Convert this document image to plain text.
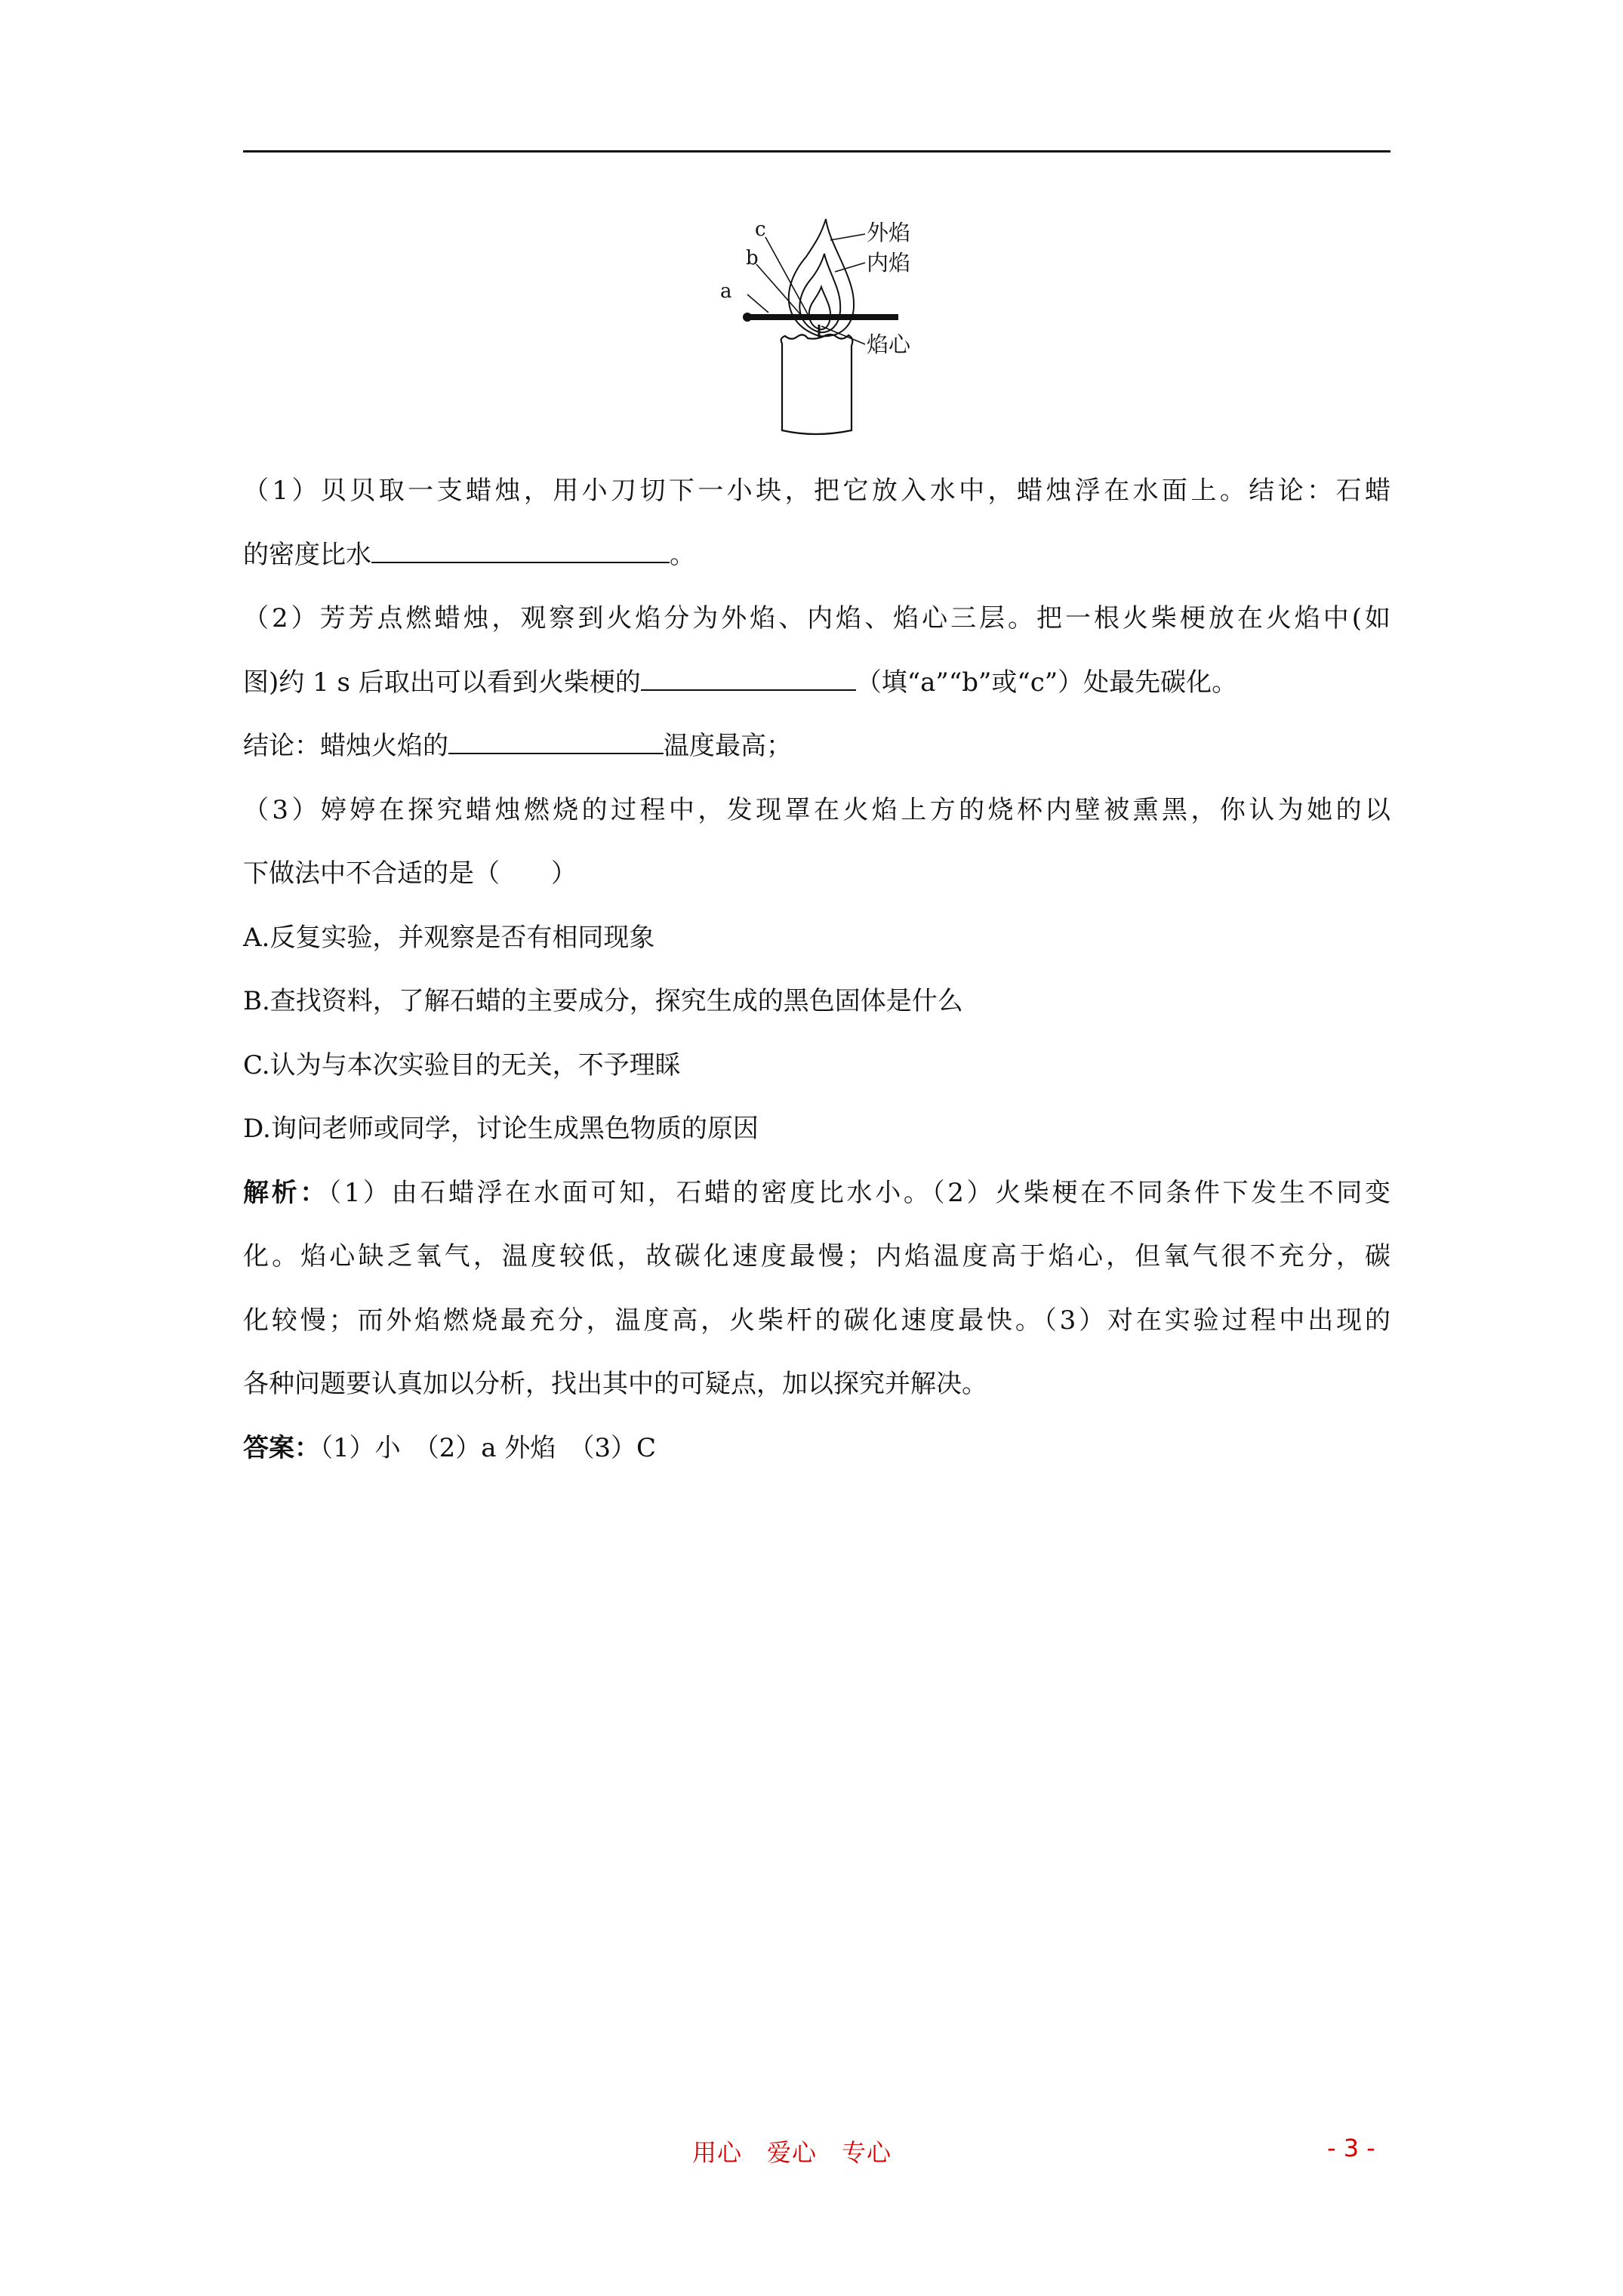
c
b
a
外焰
内焰
焰心

（1）贝贝取一支蜡烛，用小刀切下一小块，把它放入水中，蜡烛浮在水面上。结论：石蜡

的密度比水	。

（2）芳芳点燃蜡烛，观察到火焰分为外焰、内焰、焰心三层。把一根火柴梗放在火焰中(如

图)约 1 s 后取出可以看到火柴梗的	（填“a”“b”或“c”）处最先碳化。

结论：蜡烛火焰的	温度最高；

（3）婷婷在探究蜡烛燃烧的过程中，发现罩在火焰上方的烧杯内壁被熏黑，你认为她的以

下做法中不合适的是（　　）

A.反复实验，并观察是否有相同现象

B.查找资料，了解石蜡的主要成分，探究生成的黑色固体是什么

C.认为与本次实验目的无关，不予理睬

D.询问老师或同学，讨论生成黑色物质的原因

解析：（1）由石蜡浮在水面可知，石蜡的密度比水小。（2）火柴梗在不同条件下发生不同变

化。焰心缺乏氧气，温度较低，故碳化速度最慢；内焰温度高于焰心，但氧气很不充分，碳

化较慢；而外焰燃烧最充分，温度高，火柴杆的碳化速度最快。（3）对在实验过程中出现的

各种问题要认真加以分析，找出其中的可疑点，加以探究并解决。

答案：（1）小　（2）a 外焰　（3）C

用心　爱心　专心	- 3 -
